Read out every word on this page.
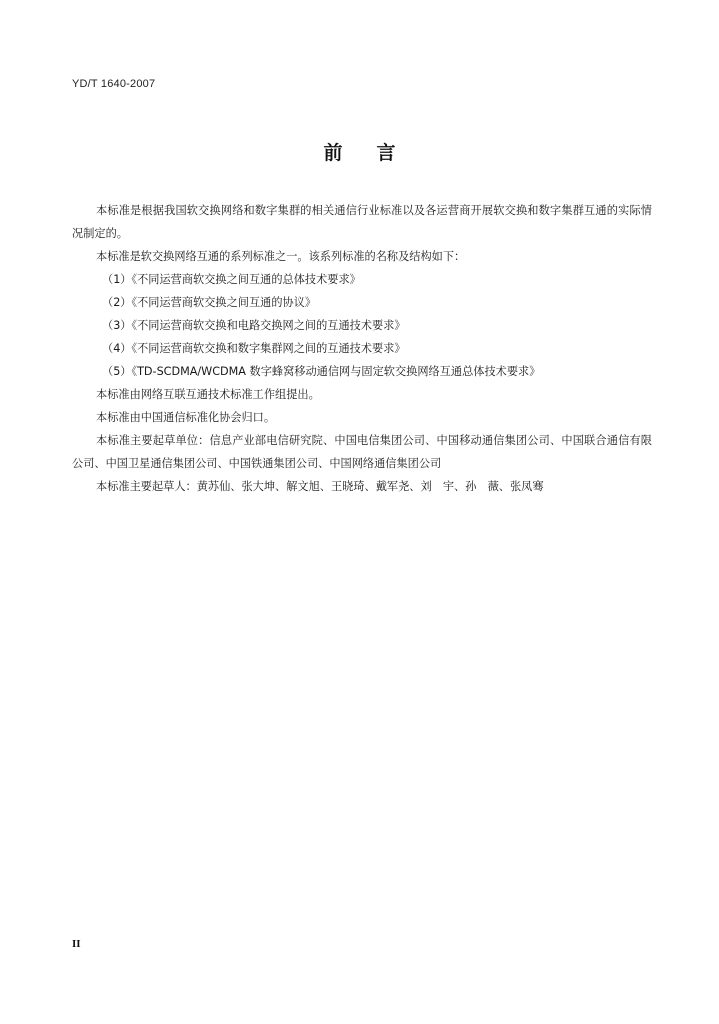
YD/T 1640-2007
前言

本标准是根据我国软交换网络和数字集群的相关通信行业标准以及各运营商开展软交换和数字集群互通的实际情况制定的。

本标准是软交换网络互通的系列标准之一。该系列标准的名称及结构如下：

（1）《不同运营商软交换之间互通的总体技术要求》

（2）《不同运营商软交换之间互通的协议》

（3）《不同运营商软交换和电路交换网之间的互通技术要求》

（4）《不同运营商软交换和数字集群网之间的互通技术要求》

（5）《TD-SCDMA/WCDMA 数字蜂窝移动通信网与固定软交换网络互通总体技术要求》

本标准由网络互联互通技术标准工作组提出。

本标准由中国通信标准化协会归口。

本标准主要起草单位：信息产业部电信研究院、中国电信集团公司、中国移动通信集团公司、中国联合通信有限公司、中国卫星通信集团公司、中国铁通集团公司、中国网络通信集团公司

本标准主要起草人：黄苏仙、张大坤、解文旭、王晓琦、戴军尧、刘　宇、孙　薇、张凤骞

II
